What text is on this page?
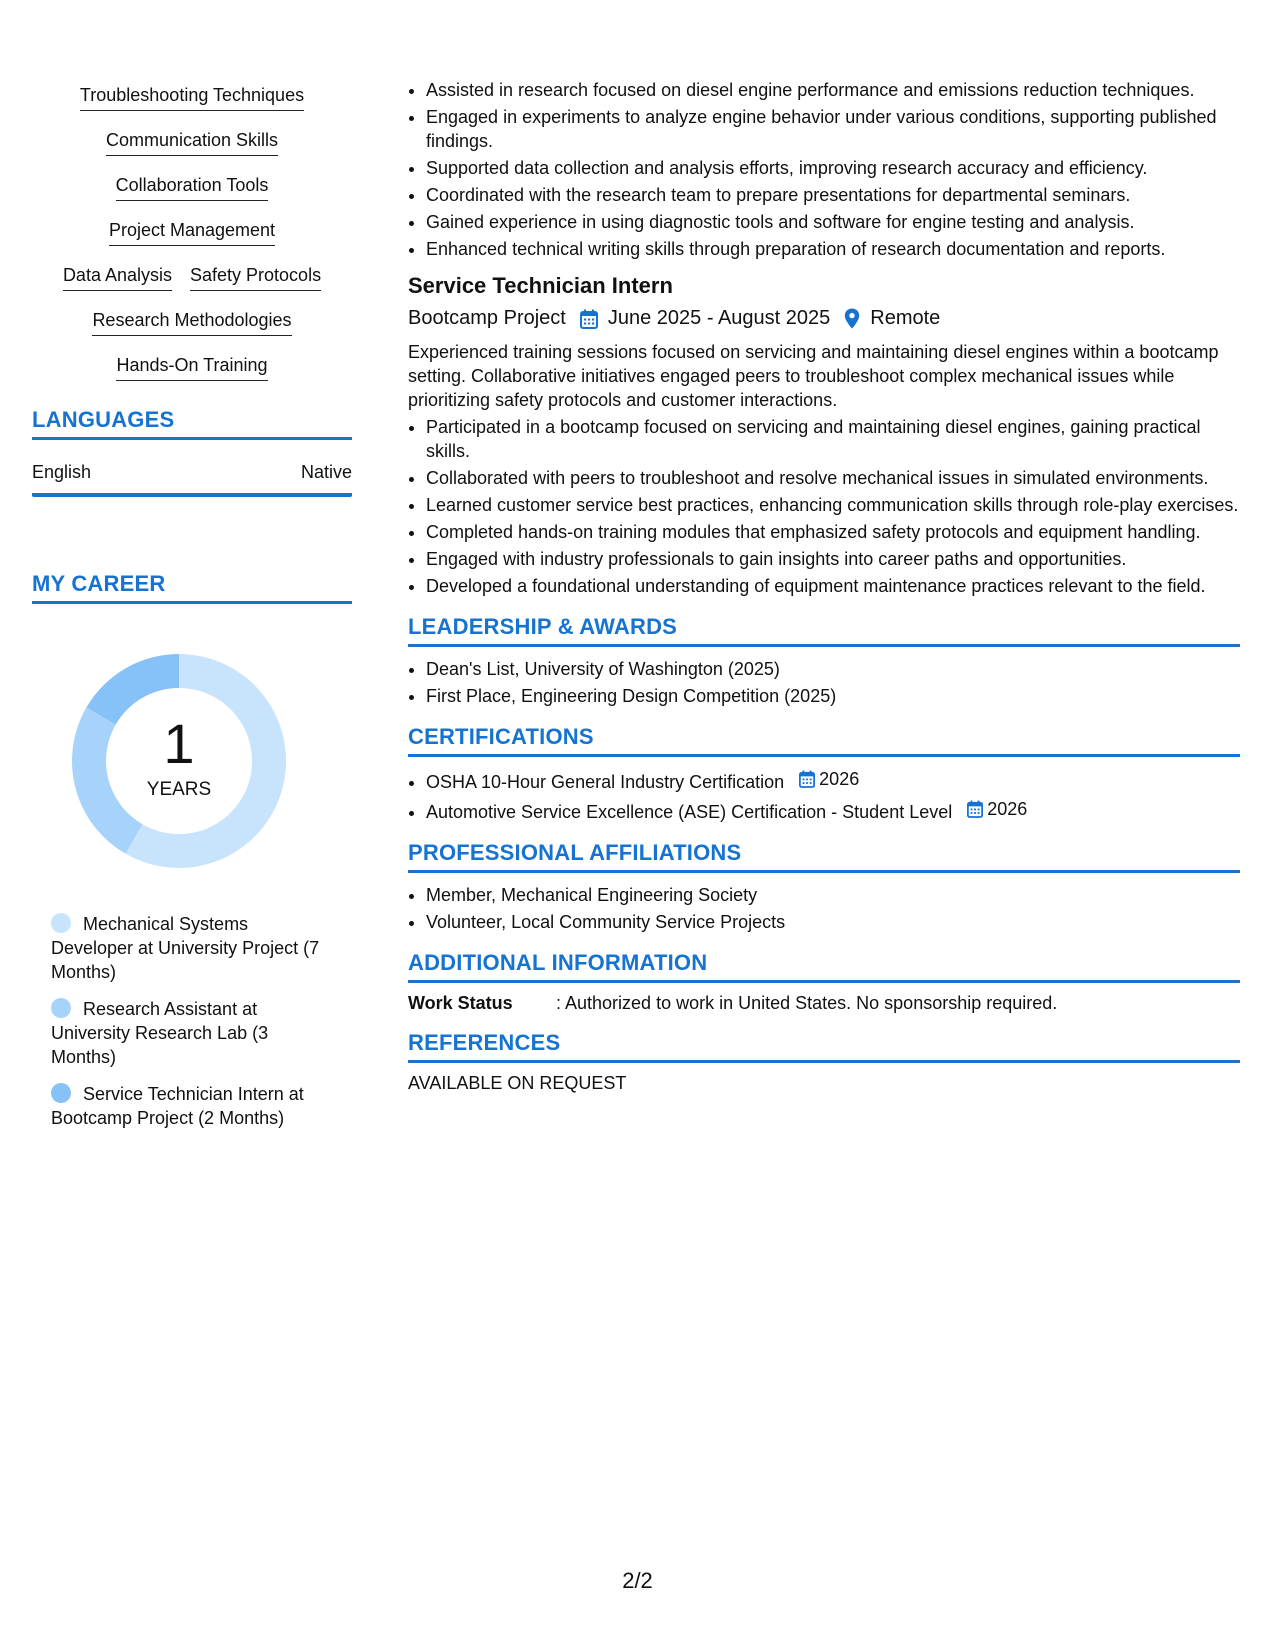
Troubleshooting Techniques
Communication Skills
Collaboration Tools
Project Management
Data Analysis Safety Protocols
Research Methodologies
Hands-On Training
LANGUAGES
English	Native
MY CAREER
1
YEARS
Mechanical Systems Developer at University Project (7 Months)
Research Assistant at University Research Lab (3 Months)
Service Technician Intern at Bootcamp Project (2 Months)
• Assisted in research focused on diesel engine performance and emissions reduction techniques.
• Engaged in experiments to analyze engine behavior under various conditions, supporting published findings.
• Supported data collection and analysis efforts, improving research accuracy and efficiency.
• Coordinated with the research team to prepare presentations for departmental seminars.
• Gained experience in using diagnostic tools and software for engine testing and analysis.
• Enhanced technical writing skills through preparation of research documentation and reports.
Service Technician Intern
Bootcamp Project June 2025 - August 2025 Remote
Experienced training sessions focused on servicing and maintaining diesel engines within a bootcamp setting. Collaborative initiatives engaged peers to troubleshoot complex mechanical issues while prioritizing safety protocols and customer interactions.
• Participated in a bootcamp focused on servicing and maintaining diesel engines, gaining practical skills.
• Collaborated with peers to troubleshoot and resolve mechanical issues in simulated environments.
• Learned customer service best practices, enhancing communication skills through role-play exercises.
• Completed hands-on training modules that emphasized safety protocols and equipment handling.
• Engaged with industry professionals to gain insights into career paths and opportunities.
• Developed a foundational understanding of equipment maintenance practices relevant to the field.
LEADERSHIP & AWARDS
• Dean's List, University of Washington (2025)
• First Place, Engineering Design Competition (2025)
CERTIFICATIONS
• OSHA 10-Hour General Industry Certification 2026
• Automotive Service Excellence (ASE) Certification - Student Level 2026
PROFESSIONAL AFFILIATIONS
• Member, Mechanical Engineering Society
• Volunteer, Local Community Service Projects
ADDITIONAL INFORMATION
Work Status	: Authorized to work in United States. No sponsorship required.
REFERENCES
AVAILABLE ON REQUEST
2/2
